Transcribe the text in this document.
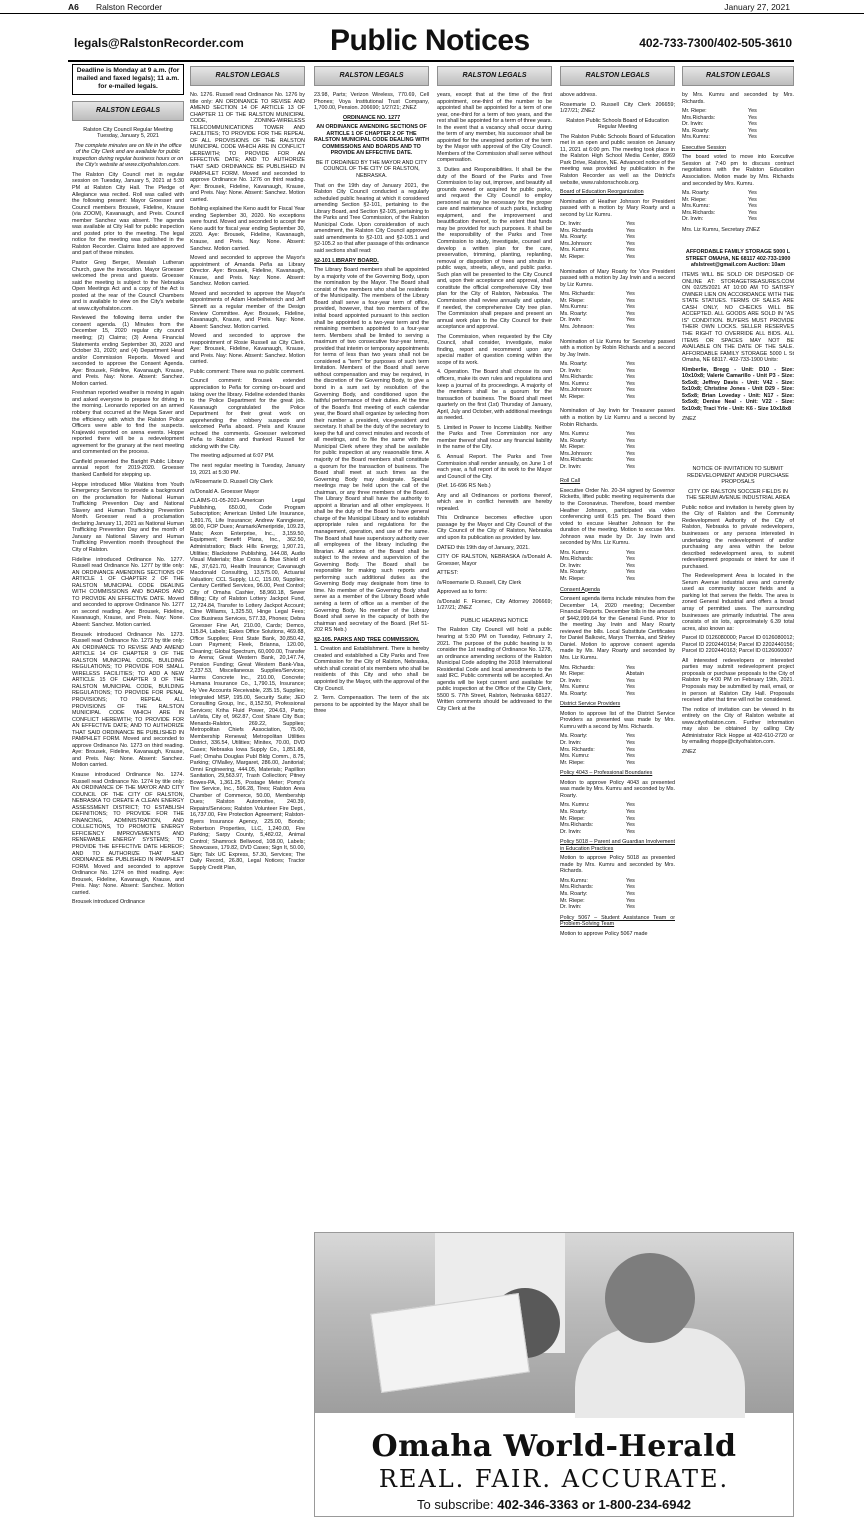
A6 Ralston Recorder	January 27, 2021
legals@RalstonRecorder.com	Public Notices	402-733-7300/402-505-3610
Deadline is Monday at 9 a.m. (for mailed and faxed legals); 11 a.m. for e-mailed legals.
RALSTON LEGALS

Ralston City Council Regular Meeting Tuesday, January 5, 2021

The complete minutes are on file in the office of the City Clerk and are available for public inspection during regular business hours or on the City's website at www.cityofralston.com.

The Ralston City Council met in regular session on Tuesday, January 5, 2021 at 5:30 PM at Ralston City Hall. The Pledge of Allegiance was recited. Roll was called with the following present: Mayor Groesser and Council members Brousek, Fideline, Krause (via ZOOM), Kavanaugh, and Preis. Council member Sanchez was absent. The agenda was available at City Hall for public inspection and posted prior to the meeting. The legal notice for the meeting was published in the Ralston Recorder. Claims listed are approved and part of these minutes.

Pastor Greg Berger, Messiah Lutheran Church, gave the invocation. Mayor Groesser welcomed the press and guests. Groesser said the meeting is subject to the Nebraska Open Meetings Act and a copy of the Act is posted at the rear of the Council Chambers and is available to view on the City's website at www.cityofralston.com.

Reviewed the following items under the consent agenda. (1) Minutes from the December 15, 2020 regular city council meeting; (2) Claims; (3) Arena Financial Statements ending September 30, 2020 and October 31, 2020; and (4) Department Head and/or Commission Reports. Moved and seconded to approve the Consent Agenda. Aye: Brousek, Fideline, Kavanaugh, Krause, and Preis. Nay: None. Absent: Sanchez. Motion carried.

Freshman reported weather is moving in again and asked everyone to prepare for driving in the morning. Leonardo reported on an armed robbery that occurred at the Mega Saver and the efficiency with which the Ralston Police Officers were able to find the suspects. Krajewski reported on arena events. Hoppe reported there will be a redevelopment agreement for the granary at the next meeting and commented on the process.

Canfield presented the Baright Public Library annual report for 2019-2020. Groesser thanked Canfield for stepping up.

Hoppe introduced Mike Watkins from Youth Emergency Services to provide a background on the proclamation for National Human Trafficking Prevention Day and National Slavery and Human Trafficking Prevention Month. Groesser read a proclamation declaring January 11, 2021 as National Human Trafficking Prevention Day and the month of January as National Slavery and Human Trafficking Prevention month throughout the City of Ralston.

Fideline introduced Ordinance No. 1277. Russell read Ordinance No. 1277 by title only: AN ORDINANCE AMENDING SECTIONS OF ARTICLE 1 OF CHAPTER 2 OF THE RALSTON MUNICIPAL CODE DEALING WITH COMMISSIONS AND BOARDS AND TO PROVIDE AN EFFECTIVE DATE. Moved and seconded to approve Ordinance No. 1277 on second reading. Aye: Brousek, Fideline, Kavanaugh, Krause, and Preis. Nay: None. Absent: Sanchez. Motion carried.

Brousek introduced Ordinance No. 1273. Russell read Ordinance No. 1273 by title only: AN ORDINANCE TO REVISE AND AMEND ARTICLE 14 OF CHAPTER 9 OF THE RALSTON MUNICIPAL CODE, BUILDING REGULATIONS; TO PROVIDE FOR SMALL WIRELESS FACILITIES; TO ADD A NEW ARTICLE 15 OF CHAPTER 9 OF THE RALSTON MUNICIPAL CODE, BUILDING REGULATIONS; TO PROVIDE FOR PENAL PROVISIONS; TO REPEAL ALL PROVISIONS OF THE RALSTON MUNICIPAL CODE WHICH ARE IN CONFLICT HEREWITH; TO PROVIDE FOR AN EFFECTIVE DATE; AND TO AUTHORIZE THAT SAID ORDINANCE BE PUBLISHED IN PAMPHLET FORM. Moved and seconded to approve Ordinance No. 1273 on third reading. Aye: Brousek, Fideline, Kavanaugh, Krause, and Preis. Nay: None. Absent: Sanchez. Motion carried.

Krause introduced Ordinance No. 1274. Russell read Ordinance No. 1274 by title only: AN ORDINANCE OF THE MAYOR AND CITY COUNCIL OF THE CITY OF RALSTON, NEBRASKA TO CREATE A CLEAN ENERGY ASSESSMENT DISTRICT; TO ESTABLISH DEFINITIONS; TO PROVIDE FOR THE FINANCING, ADMINISTRATION, AND COLLECTIONS, TO PROMOTE ENERGY EFFICIENCY IMPROVEMENTS AND RENEWABLE ENERGY SYSTEMS; TO PROVIDE THE EFFECTIVE DATE HEREOF; AND TO AUTHORIZE THAT SAID ORDINANCE BE PUBLISHED IN PAMPHLET FORM. Moved and seconded to approve Ordinance No. 1274 on third reading. Aye: Brousek, Fideline, Kavanaugh, Krause, and Preis. Nay: None. Absent: Sanchez. Motion carried.

Brousek introduced Ordinance

RALSTON LEGALS

No. 1276. Russell read Ordinance No. 1276 by title only: AN ORDINANCE TO REVISE AND AMEND SECTION 14 OF ARTICLE 13 OF CHAPTER 11 OF THE RALSTON MUNICIPAL CODE, ZONING-WIRELESS TELECOMMUNICATIONS TOWER AND FACILITIES; TO PROVIDE FOR THE REPEAL OF ALL PROVISIONS OF THE RALSTON MUNICIPAL CODE WHICH ARE IN CONFLICT HEREWITH; TO PROVIDE FOR AN EFFECTIVE DATE; AND TO AUTHORIZE THAT SAID ORDINANCE BE PUBLISHED IN PAMPHLET FORM. Moved and seconded to approve Ordinance No. 1276 on third reading. Aye: Brousek, Fideline, Kavanaugh, Krause, and Preis. Nay: None. Absent: Sanchez. Motion carried.

Bohling explained the Keno audit for Fiscal Year ending September 30, 2020. No exceptions were found. Moved and seconded to accept the Keno audit for fiscal year ending September 30, 2020. Aye: Brousek, Fideline, Kavanaugh, Krause, and Preis. Nay: None. Absent: Sanchez. Motion carried.

Moved and seconded to approve the Mayor's appointment of Amanda Peña as Library Director. Aye: Brousek, Fideline, Kavanaugh, Krause, and Preis. Nay: None. Absent: Sanchez. Motion carried.

Moved and seconded to approve the Mayor's appointments of Adam Hoebelheinrich and Jeff Sinnett as a regular member of the Design Review Committee. Aye: Brousek, Fideline, Kavanaugh, Krause, and Preis. Nay: None. Absent: Sanchez. Motion carried.

Moved and seconded to approve the reappointment of Rosie Russell as City Clerk. Aye: Brousek, Fideline, Kavanaugh, Krause, and Preis. Nay: None. Absent: Sanchez. Motion carried.

Public comment: There was no public comment.

Council comment: Brousek extended appreciation to Peña for coming on-board and taking over the library. Fideline extended thanks to the Police Department for the great job. Kavanaugh congratulated the Police Department for their great work on apprehending the robbery suspects and welcomed Peña aboard. Preis and Krause echoed the comments. Groesser welcomed Peña to Ralston and thanked Russell for sticking with the City.

The meeting adjourned at 6:07 PM.

The next regular meeting is Tuesday, January 19, 2021 at 5:30 PM.

/s/Rosemarie D. Russell City Clerk

/s/Donald A. Groesser Mayor

CLAIMS-01-05-2021-American Legal Publishing, 650.00, Code Program Subscription; American United Life Insurance, 1,891.76, Life Insurance; Andrew Kanngieser, 98.00, FOP Dues; Aramark/Ameripride, 109.23, Mats; Axon Enterprise, Inc., 3,159.50, Equipment; Benefit Plans, Inc., 362.50, Administration; Black Hills Energy, 1,907.21, Utilities; Blackstone Publishing, 144.08, Audio Visual Materials; Blue Cross & Blue Shield of NE, 37,621.70, Health Insurance; Cavanaugh Macdonald Consulting, 13,575.00, Actuarial Valuation; CCL Supply, LLC, 115.00, Supplies; Century Certified Services, 96.00, Pest Control; City of Omaha Cashier, 58,960.18, Sewer Billing; City of Ralston Lottery Jackpot Fund, 12,724.84, Transfer to Lottery Jackpot Account; Cline Williams, 1,325.50, Hinge Legal Fees; Cox Business Services, 577.33, Phones; Debra Groesser Fine Art, 210.00, Cards; Demco, 115.84, Labels; Eakes Office Solutions, 469.88, Office Supplies; First State Bank, 30,850.42, Loan Payment; Fleek, Brianna, 120.00, Cleaning; Global Spectrum, 60,000.00, Transfer to Arena; Great Western Bank, 20,147.74, Pension Funding; Great Western Bank-Visa, 2,237.53, Miscellaneous Supplies/Services; Harms Concrete Inc., 210.00, Concrete; Humana Insurance Co., 1,790.15, Insurance; Hy Vee Accounts Receivable, 235.15, Supplies; Integrated MSP, 195.00, Security Suite; JEO Consulting Group, Inc., 8,152.50, Professional Services; Kriha Fluid Power, 204.63, Parts; LaVista, City of, 962.87, Cost Share City Bus; Menards-Ralston, 269.22, Supplies; Metropolitan Chiefs Association, 75.00, Membership Renewal; Metropolitan Utilities District, 336.54, Utilities; Minitex, 70.00, DVD Cases; Nebraska Iowa Supply Co., 1,851.88, Fuel; Omaha Douglas Publ Bldg Comm., 8.75, Parking; O'Malley, Margaret, 286.00, Janitorial; Omni Engineering, 444.05, Materials; Papillion Sanitation, 29,563.97, Trash Collection; Pitney Bowes-PA, 1,361.25, Postage Meter; Pomp's Tire Service, Inc., 596.28, Tires; Ralston Area Chamber of Commerce, 50.00, Membership Dues; Ralston Automotive, 240.39, Repairs/Services; Ralston Volunteer Fire Dept., 16,737.00, Fire Protection Agreement; Ralston-Byers Insurance Agency, 225.00, Bonds; Robertson Properties, LLC, 1,240.00, Fire Parking; Sarpy County, 5,482.02, Animal Control; Shamrock Bellwood, 108.00, Labels; Showcases, 179.82, DVD Cases; Sign It, 50.00, Sign; Talx UC Express, 57.30, Services; The Daily Record, 26.80, Legal Notices; Tractor Supply Credit Plan,

RALSTON LEGALS

23.98, Parts; Verizon Wireless, 770.69, Cell Phones; Voya Institutional Trust Company, 1,700.00, Pension. 206690; 1/27/21; ZNEZ

ORDINANCE NO. 1277

AN ORDINANCE AMENDING SECTIONS OF ARTICLE 1 OF CHAPTER 2 OF THE RALSTON MUNICIPAL CODE DEALING WITH COMMISSIONS AND BOARDS AND TO PROVIDE AN EFFECTIVE DATE.

BE IT ORDAINED BY THE MAYOR AND CITY COUNCIL OF THE CITY OF RALSTON, NEBRASKA.

That on the 19th day of January 2021, the Ralston City Council conducted a regularly scheduled public hearing at which it considered amending Section §2-101, pertaining to the Library Board, and Section §2-105, pertaining to the Parks and Tree Commission, of the Ralston Municipal Code. Upon consideration of such amendment, the Ralston City Council approved said amendments to §2-101 and §2-105.1 and §2-105.2 so that after passage of this ordinance said sections shall read:

§2-101 LIBRARY BOARD.

The Library Board members shall be appointed by a majority vote of the Governing Body, upon the nomination by the Mayor. The Board shall consist of five members who shall be residents of the Municipality. The members of the Library Board shall serve a four-year term of office, provided, however, that two members of the initial board appointed pursuant to this section shall be appointed to a two-year term and the remaining members appointed to a four-year term. Members shall be limited to serving a maximum of two consecutive four-year terms, provided that interim or temporary appointments for terms of less than two years shall not be considered a "term" for purposes of such term limitation. Members of the Board shall serve without compensation and may be required, in the discretion of the Governing Body, to give a bond in a sum set by resolution of the Governing Body, and conditioned upon the faithful performance of their duties. At the time of the Board's first meeting of each calendar year, the Board shall organize by selecting from their number a president, vice-president and secretary. It shall be the duty of the secretary to keep the full and correct minutes and records of all meetings, and to file the same with the Municipal Clerk where they shall be available for public inspection at any reasonable time. A majority of the Board members shall constitute a quorum for the transaction of business. The Board shall meet at such times as the Governing Body may designate. Special meetings may be held upon the call of the chairman, or any three members of the Board. The Library Board shall have the authority to appoint a librarian and all other employees. It shall be the duty of the Board to have general charge of the Municipal Library and to establish appropriate rules and regulations for the management, operation, and use of the same. The Board shall have supervisory authority over all employees of the library including the librarian. All actions of the Board shall be subject to the review and supervision of the Governing Body. The Board shall be responsible for making such reports and performing such additional duties as the Governing Body may designate from time to time. No member of the Governing Body shall serve as a member of the Library Board while serving a term of office as a member of the Governing Body. No member of the Library Board shall serve in the capacity of both the chairman and secretary of the Board. (Ref 51-202 RS Neb.)

§2-105. PARKS AND TREE COMMISSION.

1. Creation and Establishment. There is hereby created and established a City Parks and Tree Commission for the City of Ralston, Nebraska, which shall consist of six members who shall be residents of this City and who shall be appointed by the Mayor, with the approval of the City Council.

2. Term. Compensation. The term of the six persons to be appointed by the Mayor shall be three

RALSTON LEGALS

years, except that at the time of the first appointment, one-third of the number to be appointed shall be appointed for a term of one year, one-third for a term of two years, and the rest shall be appointed for a term of three years. In the event that a vacancy shall occur during the term of any member, his successor shall be appointed for the unexpired portion of the term by the Mayor with approval of the City Council. Members of the Commission shall serve without compensation.

3. Duties and Responsibilities. It shall be the duty of the Board of the Parks and Tree Commission to lay out, improve, and beautify all grounds owned or acquired for public parks, and request the City Council to employ personnel as may be necessary for the proper care and maintenance of such parks, including equipment, and the improvement and beautification thereof, to the extent that funds may be provided for such purposes. It shall be the responsibility of the Parks and Tree Commission to study, investigate, counsel and develop a written plan for the care, preservation, trimming, planting, replanting, removal or disposition of trees and shrubs in public ways, streets, alleys, and public parks. Such plan will be presented to the City Council and, upon their acceptance and approval, shall constitute the official comprehensive City tree plan for the City of Ralston, Nebraska. The Commission shall review annually and update, if needed, the comprehensive City tree plan. The Commission shall prepare and present an annual work plan to the City Council for their acceptance and approval.

The Commission, when requested by the City Council, shall consider, investigate, make finding, report and recommend upon any special matter of question coming within the scope of its work.

4. Operation. The Board shall choose its own officers, make its own rules and regulations and keep a journal of its proceedings. A majority of the members shall be a quorum for the transaction of business. The Board shall meet quarterly on the first (1st) Thursday of January, April, July and October, with additional meetings as needed.

5. Limited in Power to Income Liability. Neither the Parks and Tree Commission nor any member thereof shall incur any financial liability in the name of the City.

6. Annual Report. The Parks and Tree Commission shall render annually, on June 1 of each year, a full report of its work to the Mayor and Council of the City.

(Ref. 16-696 RS Neb.)

Any and all Ordinances or portions thereof, which are in conflict herewith are hereby repealed.

This Ordinance becomes effective upon passage by the Mayor and City Council of the City Council of the City of Ralston, Nebraska and upon its publication as provided by law.

DATED this 19th day of January, 2021.

CITY OF RALSTON, NEBRASKA /s/Donald A. Groesser, Mayor

ATTEST:

/s/Rosemarie D. Russell, City Clerk

Approved as to form:

/s/Donald F. Ficenec, City Attorney 206669; 1/27/21; ZNEZ

PUBLIC HEARING NOTICE

The Ralston City Council will hold a public hearing at 5:30 PM on Tuesday, February 2, 2021. The purpose of the public hearing is to consider the 1st reading of Ordinance No. 1278, an ordinance amending sections of the Ralston Municipal Code adopting the 2018 International Residential Code and local amendments to the said IRC. Public comments will be accepted. An agenda will be kept current and available for public inspection at the Office of the City Clerk, 5500 S. 77th Street, Ralston, Nebraska 68127. Written comments should be addressed to the City Clerk at the

RALSTON LEGALS

above address.

Rosemarie D. Russell City Clerk 206659; 1/27/21; ZNEZ

Ralston Public Schools Board of Education Regular Meeting

The Ralston Public Schools Board of Education met in an open and public session on January 11, 2021 at 6:00 pm. The meeting took place in the Ralston High School Media Center, 8969 Park Drive, Ralston, NE. Advanced notice of the meeting was provided by publication in the Ralston Recorder as well as the District's website, www.ralstonschools.org.

Board of Education Reorganization

Nomination of Heather Johnson for President passed with a motion by Mary Roarty and a second by Liz Kumru.

Dr. Irwin:	Yes
Mrs. Richards	Yes
Ms. Roarty:	Yes
Mrs.Johnson:	Yes
Mrs. Kumru:	Yes
Mr. Riepe:	Yes

Nomination of Mary Roarty for Vice President passed with a motion by Jay Irwin and a second by Liz Kumru.

Mrs. Richards:	Yes
Mr. Riepe:	Yes
Mrs.Kumru:	Yes
Ms. Roarty:	Yes
Dr. Irwin:	Yes
Mrs. Johnson:	Yes

Nomination of Liz Kumru for Secretary passed with a motion by Robin Richards and a second by Jay Irwin.

Ms. Roarty:	Yes
Dr. Irwin:	Yes
Mrs.Richards:	Yes
Mrs. Kumru:	Yes
Mrs.Johnson:	Yes
Mr. Riepe:	Yes

Nomination of Jay Irwin for Treasurer passed with a motion by Liz Kumru and a second by Robin Richards.

Mrs. Kumru:	Yes
Ms. Roarty:	Yes
Mr. Riepe:	Yes
Mrs.Johnson:	Yes
Mrs.Richards:	Yes
Dr. Irwin:	Yes

Roll Call

Executive Order No. 20-34 signed by Governor Ricketts, lifted public meeting requirements due to the Coronavirus. Therefore, board member Heather Johnson, participated via video conferencing until 6:15 pm. The Board then voted to excuse Heather Johnson for the duration of the meeting. Motion to excuse Mrs. Johnson was made by Dr. Jay Irwin and seconded by Mrs. Liz Kumru.

Mrs. Kumru:	Yes
Mrs.Richards:	Yes
Dr. Irwin:	Yes
Ms. Roarty:	Yes
Mr. Riepe:	Yes

Consent Agenda

Consent agenda items include minutes from the December 14, 2020 meeting; December Financial Reports. December bills in the amount of $442,999.64 for the General Fund. Prior to the meeting Jay Irwin and Mary Roarty reviewed the bills. Local Substitute Certificates for Daniel Balkovic, Marys Thernka, and Shirley Daniel. Motion to approve consent agenda made by Ms. Mary Roarty and seconded by Mrs. Liz Kumru.

Mrs. Richards:	Yes
Mr. Riepe:	Abstain
Dr. Irwin:	Yes
Mrs. Kumru:	Yes
Ms. Roarty:	Yes

District Service Providers

Motion to approve list of the District Service Providers as presented was made by Mrs. Kumru with a second by Mrs. Richards.

Ms. Roarty:	Yes
Dr. Irwin:	Yes
Mrs. Richards:	Yes
Mrs. Kumru:	Yes
Mr. Riepe:	Yes

Policy 4043 – Professional Boundaries

Motion to approve Policy 4043 as presented was made by Mrs. Kumru and seconded by Ms. Roarty.

Mrs. Kumru:	Yes
Ms. Roarty:	Yes
Mr. Riepe:	Yes
Mrs.Richards:	Yes
Dr. Irwin:	Yes

Policy 5018 – Parent and Guardian Involvement in Education Practices

Motion to approve Policy 5018 as presented made by Mrs. Kumru and seconded by Mrs. Richards.

Mrs.Kumru:	Yes
Mrs.Richards:	Yes
Ms. Roarty:	Yes
Mr. Riepe:	Yes
Dr. Irwin:	Yes

Policy 5067 – Student Assistance Team or Problem-Solving Team

Motion to approve Policy 5067 made

RALSTON LEGALS

by Mrs. Kumru and seconded by Mrs. Richards.

Mr. Riepe:	Yes
Mrs.Richards:	Yes
Dr. Irwin:	Yes
Ms. Roarty:	Yes
Mrs.Kumru:	Yes

Executive Session

The board voted to move into Executive Session at 7:40 pm to discuss contract negotiations with the Ralston Education Association. Motion made by Mrs. Richards and seconded by Mrs. Kumru.

Ms. Roarty:	Yes
Mr. Riepe:	Yes
Mrs.Kumru:	Yes
Mrs.Richards:	Yes
Dr. Irwin:	Yes

Mrs. Liz Kumru, Secretary ZNEZ

AFFORDABLE FAMILY STORAGE 5000 L STREET OMAHA, NE 68117 402-733-1900 afslstreet@gmail.com Auction: 10am

ITEMS WILL BE SOLD OR DISPOSED OF ONLINE AT: STORAGETREASURES.COM ON 02/25/2021 AT 10:00 AM TO SATISFY OWNER LIEN ON ACCORDANCE WITH THE STATE STATUES. TERMS OF SALES ARE CASH ONLY, NO CHECKS WILL BE ACCEPTED. ALL GOODS ARE SOLD IN "AS IS" CONDITION. BUYERS MUST PROVIDE THEIR OWN LOCKS. SELLER RESERVES THE RIGHT TO OVERRIDE ALL BIDS. ALL ITEMS OR SPACES MAY NOT BE AVAILABLE ON THE DATE OF THE SALE. AFFORDABLE FAMILY STORAGE 5000 L St Omaha, NE 68117. 402-733-1900 Units:

Kimberlie, Bregg - Unit: D10 - Size: 10x10x8; Valerie Camarillo - Unit P3 - Size: 5x5x8; Jeffrey Davis - Unit: V42 - Size: 5x10x8; Christine Jones - Unit D29 - Size: 5x5x8; Brian Loveday - Unit: N17 - Size: 5x5x8; Denise Neal - Unit: V22 - Size: 5x10x8; Traci Yrle - Unit: K6 - Size 10x18x8

ZNEZ

NOTICE OF INVITATION TO SUBMIT REDEVELOPMENT AND/OR PURCHASE PROPOSALS

CITY OF RALSTON SOCCER FIELDS IN THE SERUM AVENUE INDUSTRIAL AREA

Public notice and invitation is hereby given by the City of Ralston and the Community Redevelopment Authority of the City of Ralston, Nebraska to private redevelopers, businesses or any persons interested in undertaking the redevelopment of and/or purchasing any area within the below described redevelopment area, to submit redevelopment proposals or intent for use if purchased.

The Redevelopment Area is located in the Serum Avenue industrial area and currently used as community soccer fields and a parking lot that serves the fields. The area is zoned General Industrial and offers a broad array of permitted uses. The surrounding businesses are primarily industrial. The area consists of six lots, approximately 6.39 total acres, also known as:

Parcel ID 0126080000; Parcel ID 0126080012; Parcel ID 2202440154; Parcel ID 2202440156; Parcel ID 2202440163; Parcel ID 0126060007

All interested redevelopers or interested parties may submit redevelopment project proposals or purchase proposals to the City of Ralston by 4:00 PM on February 19th, 2021. Proposals may be submitted by mail, email, or in person at Ralston City Hall. Proposals received after that time will not be considered.

The notice of invitation can be viewed in its entirety on the City of Ralston website at www.cityofralston.com. Further information may also be obtained by calling City Administrator Rick Hoppe at 402-610-2720 or by emailing rhoppe@cityofralston.com.

ZNEZ

Omaha World-Herald
REAL. FAIR. ACCURATE.
To subscribe: 402-346-3363 or 1-800-234-6942
